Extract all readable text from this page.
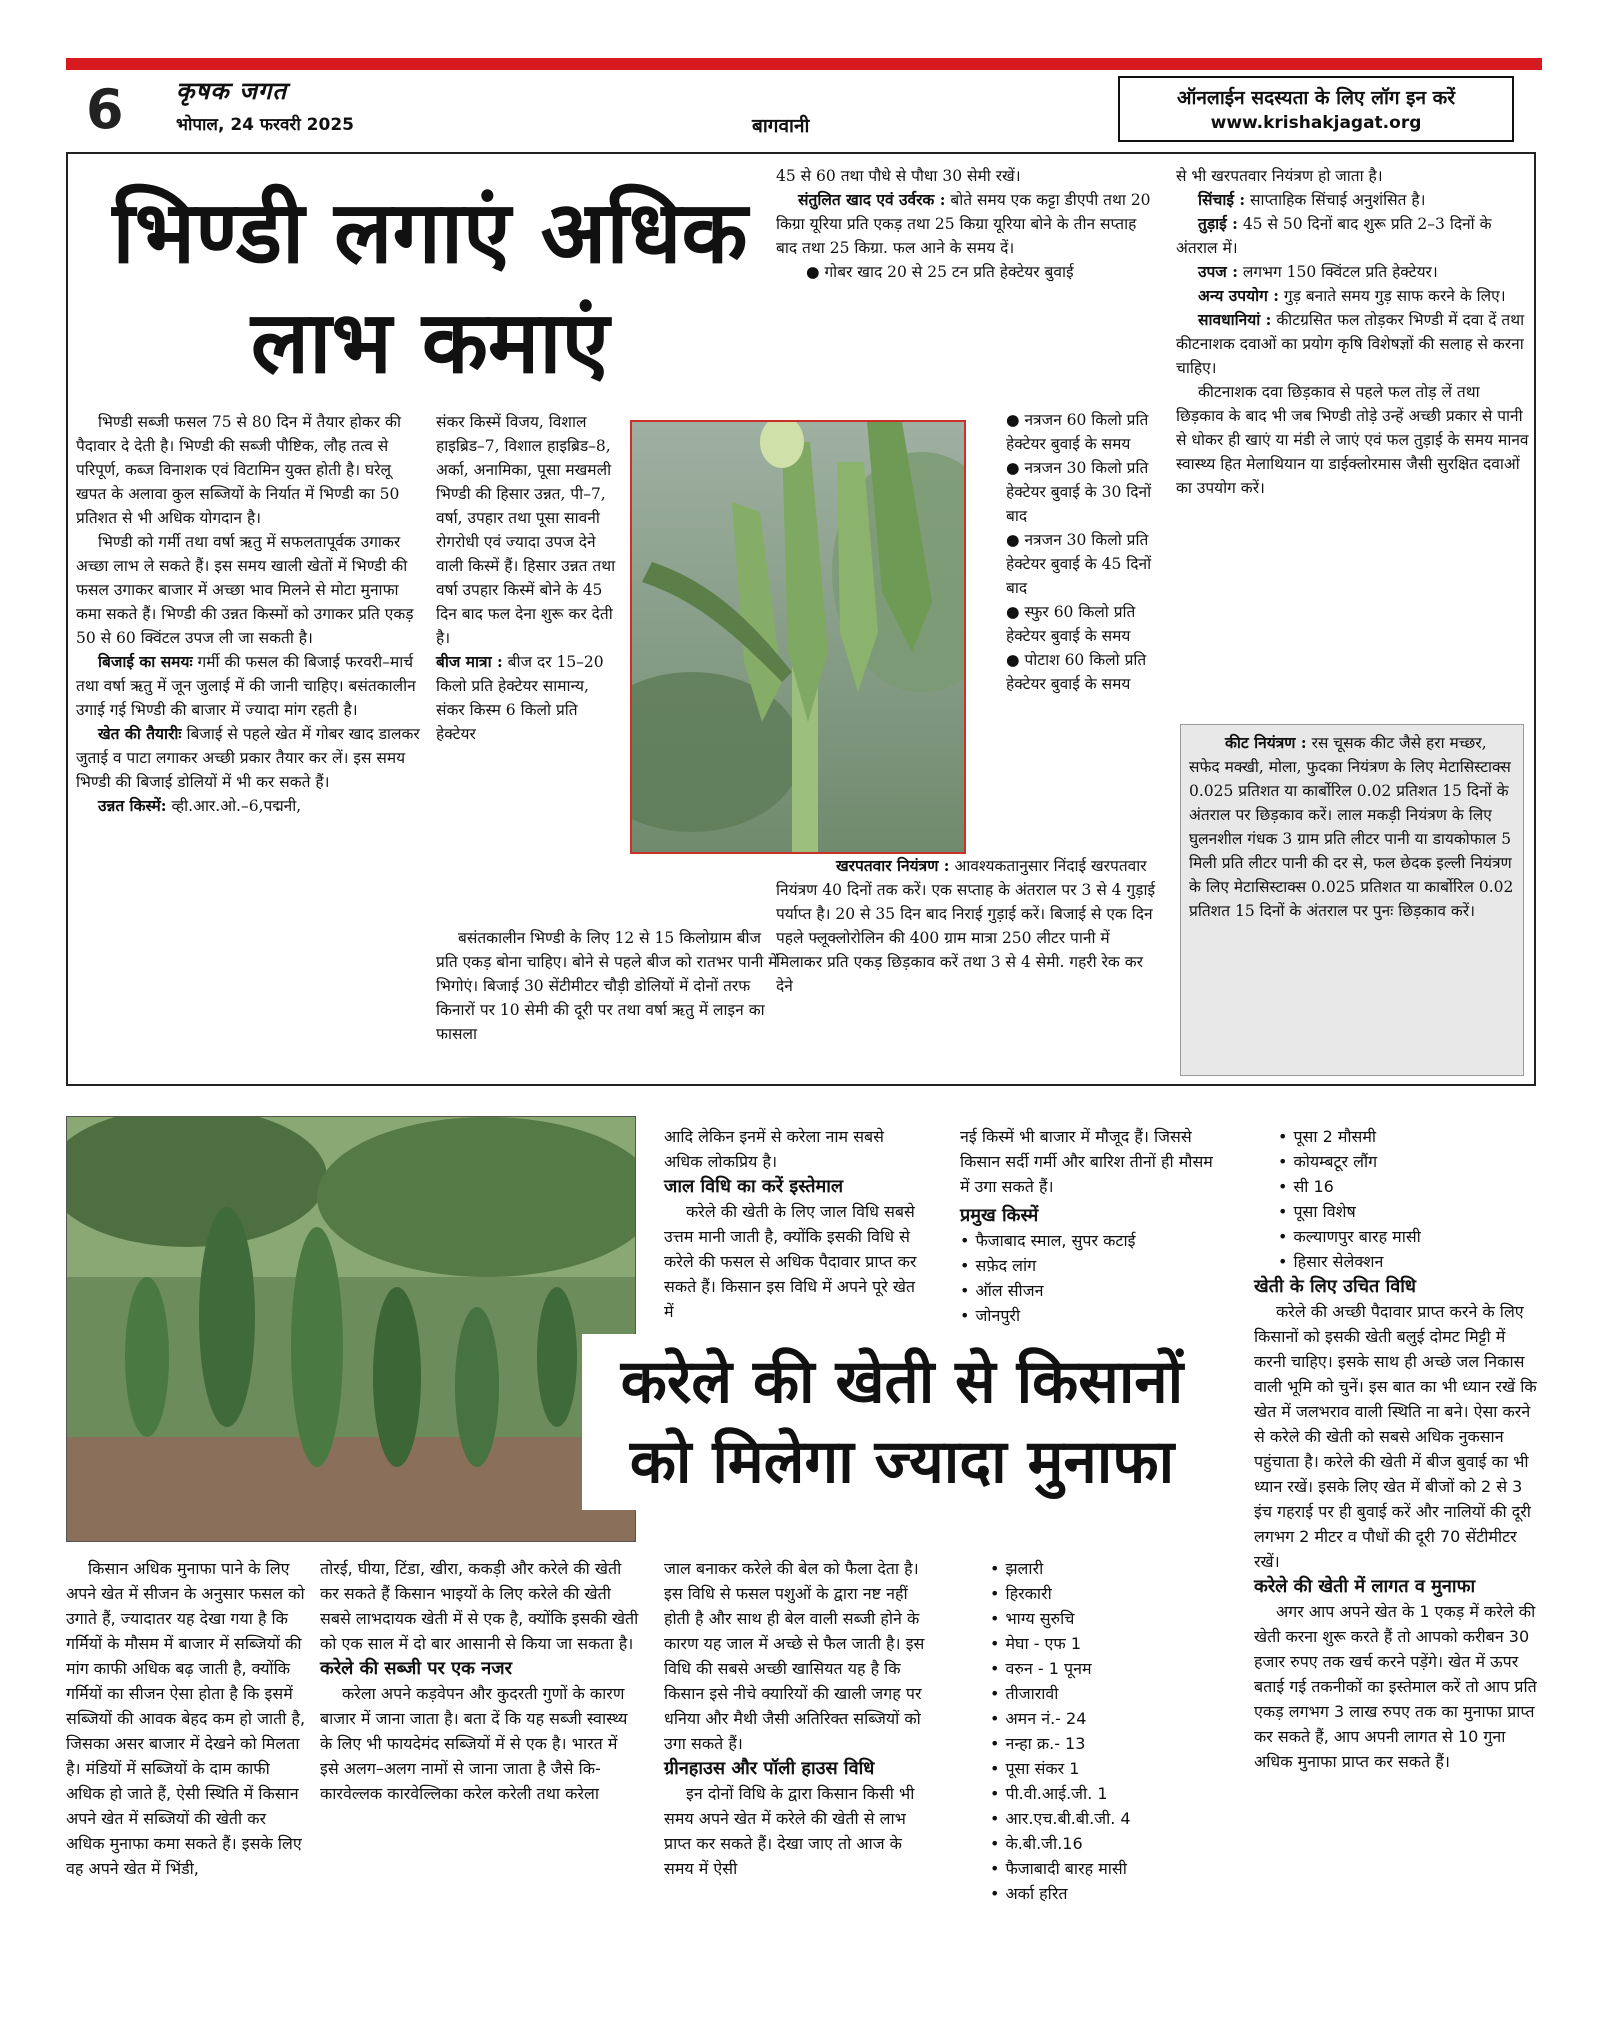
6 कृषक जगत
भोपाल, 24 फरवरी 2025	बागवानी
ऑनलाईन सदस्यता के लिए लॉग इन करें
www.krishakjagat.org
भिण्डी लगाएं अधिक
लाभ कमाएं

भिण्डी सब्जी फसल 75 से 80 दिन में तैयार होकर की पैदावार दे देती है। भिण्डी की सब्जी पौष्टिक, लौह तत्व से परिपूर्ण, कब्ज विनाशक एवं विटामिन युक्त होती है। घरेलू खपत के अलावा कुल सब्जियों के निर्यात में भिण्डी का 50 प्रतिशत से भी अधिक योगदान है।

भिण्डी को गर्मी तथा वर्षा ऋतु में सफलतापूर्वक उगाकर अच्छा लाभ ले सकते हैं। इस समय खाली खेतों में भिण्डी की फसल उगाकर बाजार में अच्छा भाव मिलने से मोटा मुनाफा कमा सकते हैं। भिण्डी की उन्नत किस्मों को उगाकर प्रति एकड़ 50 से 60 क्विंटल उपज ली जा सकती है।

बिजाई का समयः गर्मी की फसल की बिजाई फरवरी–मार्च तथा वर्षा ऋतु में जून जुलाई में की जानी चाहिए। बसंतकालीन उगाई गई भिण्डी की बाजार में ज्यादा मांग रहती है।

खेत की तैयारीः बिजाई से पहले खेत में गोबर खाद डालकर जुताई व पाटा लगाकर अच्छी प्रकार तैयार कर लें। इस समय भिण्डी की बिजाई डोलियों में भी कर सकते हैं।

उन्नत किस्में: व्ही.आर.ओ.–6,पद्मनी,

संकर किस्में विजय, विशाल हाइब्रिड–7, विशाल हाइब्रिड–8, अर्का, अनामिका, पूसा मखमली भिण्डी की हिसार उन्नत, पी–7, वर्षा, उपहार तथा पूसा सावनी रोगरोधी एवं ज्यादा उपज देने वाली किस्में हैं। हिसार उन्नत तथा वर्षा उपहार किस्में बोने के 45 दिन बाद फल देना शुरू कर देती है।

बीज मात्रा : बीज दर 15–20 किलो प्रति हेक्टेयर सामान्य, संकर किस्म 6 किलो प्रति हेक्टेयर

बसंतकालीन भिण्डी के लिए 12 से 15 किलोग्राम बीज प्रति एकड़ बोना चाहिए। बोने से पहले बीज को रातभर पानी में भिगोएं। बिजाई 30 सेंटीमीटर चौड़ी डोलियों में दोनों तरफ किनारों पर 10 सेमी की दूरी पर तथा वर्षा ऋतु में लाइन का फासला

45 से 60 तथा पौधे से पौधा 30 सेमी रखें।

संतुलित खाद एवं उर्वरक : बोते समय एक कट्टा डीएपी तथा 20 किग्रा यूरिया प्रति एकड़ तथा 25 किग्रा यूरिया बोने के तीन सप्ताह बाद तथा 25 किग्रा. फल आने के समय दें।

● गोबर खाद 20 से 25 टन प्रति हेक्टेयर बुवाई

● नत्रजन 60 किलो प्रति हेक्टेयर बुवाई के समय

● नत्रजन 30 किलो प्रति हेक्टेयर बुवाई के 30 दिनों बाद

● नत्रजन 30 किलो प्रति हेक्टेयर बुवाई के 45 दिनों बाद

● स्फुर 60 किलो प्रति हेक्टेयर बुवाई के समय

● पोटाश 60 किलो प्रति हेक्टेयर बुवाई के समय

खरपतवार नियंत्रण : आवश्यकतानुसार निंदाई खरपतवार नियंत्रण 40 दिनों तक करें। एक सप्ताह के अंतराल पर 3 से 4 गुड़ाई पर्याप्त है। 20 से 35 दिन बाद निराई गुड़ाई करें। बिजाई से एक दिन पहले फ्लूक्लोरोलिन की 400 ग्राम मात्रा 250 लीटर पानी में मिलाकर प्रति एकड़ छिड़काव करें तथा 3 से 4 सेमी. गहरी रेक कर देने

से भी खरपतवार नियंत्रण हो जाता है।

सिंचाई : साप्ताहिक सिंचाई अनुशंसित है।

तुड़ाई : 45 से 50 दिनों बाद शुरू प्रति 2–3 दिनों के अंतराल में।

उपज : लगभग 150 क्विंटल प्रति हेक्टेयर।

अन्य उपयोग : गुड़ बनाते समय गुड़ साफ करने के लिए।

सावधानियां : कीटग्रसित फल तोड़कर भिण्डी में दवा दें तथा कीटनाशक दवाओं का प्रयोग कृषि विशेषज्ञों की सलाह से करना चाहिए।

कीटनाशक दवा छिड़काव से पहले फल तोड़ लें तथा छिड़काव के बाद भी जब भिण्डी तोड़े उन्हें अच्छी प्रकार से पानी से धोकर ही खाएं या मंडी ले जाएं एवं फल तुड़ाई के समय मानव स्वास्थ्य हित मेलाथियान या डाईक्लोरमास जैसी सुरक्षित दवाओं का उपयोग करें।

कीट नियंत्रण : रस चूसक कीट जैसे हरा मच्छर, सफेद मक्खी, मोला, फुदका नियंत्रण के लिए मेटासिस्टाक्स 0.025 प्रतिशत या कार्बोरिल 0.02 प्रतिशत 15 दिनों के अंतराल पर छिड़काव करें। लाल मकड़ी नियंत्रण के लिए घुलनशील गंधक 3 ग्राम प्रति लीटर पानी या डायकोफाल 5 मिली प्रति लीटर पानी की दर से, फल छेदक इल्ली नियंत्रण के लिए मेटासिस्टाक्स 0.025 प्रतिशत या कार्बोरिल 0.02 प्रतिशत 15 दिनों के अंतराल पर पुनः छिड़काव करें।

करेले की खेती से किसानों
को मिलेगा ज्यादा मुनाफा

आदि लेकिन इनमें से करेला नाम सबसे अधिक लोकप्रिय है।

जाल विधि का करें इस्तेमाल

करेले की खेती के लिए जाल विधि सबसे उत्तम मानी जाती है, क्योंकि इसकी विधि से करेले की फसल से अधिक पैदावार प्राप्त कर सकते हैं। किसान इस विधि में अपने पूरे खेत में

नई किस्में भी बाजार में मौजूद हैं। जिससे किसान सर्दी गर्मी और बारिश तीनों ही मौसम में उगा सकते हैं।

प्रमुख किस्में

• फैजाबाद स्माल, सुपर कटाई
• सफ़ेद लांग
• ऑल सीजन
• जोनपुरी
• पूसा 2 मौसमी
• कोयम्बटूर लौंग
• सी 16
• पूसा विशेष
• कल्याणपुर बारह मासी
• हिसार सेलेक्शन

खेती के लिए उचित विधि

करेले की अच्छी पैदावार प्राप्त करने के लिए किसानों को इसकी खेती बलुई दोमट मिट्टी में करनी चाहिए। इसके साथ ही अच्छे जल निकास वाली भूमि को चुनें। इस बात का भी ध्यान रखें कि खेत में जलभराव वाली स्थिति ना बने। ऐसा करने से करेले की खेती को सबसे अधिक नुकसान पहुंचाता है। करेले की खेती में बीज बुवाई का भी ध्यान रखें। इसके लिए खेत में बीजों को 2 से 3 इंच गहराई पर ही बुवाई करें और नालियों की दूरी लगभग 2 मीटर व पौधों की दूरी 70 सेंटीमीटर रखें।

करेले की खेती में लागत व मुनाफा

अगर आप अपने खेत के 1 एकड़ में करेले की खेती करना शुरू करते हैं तो आपको करीबन 30 हजार रुपए तक खर्च करने पड़ेंगे। खेत में ऊपर बताई गई तकनीकों का इस्तेमाल करें तो आप प्रति एकड़ लगभग 3 लाख रुपए तक का मुनाफा प्राप्त कर सकते हैं, आप अपनी लागत से 10 गुना अधिक मुनाफा प्राप्त कर सकते हैं।

किसान अधिक मुनाफा पाने के लिए अपने खेत में सीजन के अनुसार फसल को उगाते हैं, ज्यादातर यह देखा गया है कि गर्मियों के मौसम में बाजार में सब्जियों की मांग काफी अधिक बढ़ जाती है, क्योंकि गर्मियों का सीजन ऐसा होता है कि इसमें सब्जियों की आवक बेहद कम हो जाती है, जिसका असर बाजार में देखने को मिलता है। मंडियों में सब्जियों के दाम काफी अधिक हो जाते हैं, ऐसी स्थिति में किसान अपने खेत में सब्जियों की खेती कर अधिक मुनाफा कमा सकते हैं। इसके लिए वह अपने खेत में भिंडी,

तोरई, घीया, टिंडा, खीरा, ककड़ी और करेले की खेती कर सकते हैं किसान भाइयों के लिए करेले की खेती सबसे लाभदायक खेती में से एक है, क्योंकि इसकी खेती को एक साल में दो बार आसानी से किया जा सकता है।

करेले की सब्जी पर एक नजर

करेला अपने कड़वेपन और कुदरती गुणों के कारण बाजार में जाना जाता है। बता दें कि यह सब्जी स्वास्थ्य के लिए भी फायदेमंद सब्जियों में से एक है। भारत में इसे अलग–अलग नामों से जाना जाता है जैसे कि- कारवेल्लक कारवेल्लिका करेल करेली तथा करेला

जाल बनाकर करेले की बेल को फैला देता है। इस विधि से फसल पशुओं के द्वारा नष्ट नहीं होती है और साथ ही बेल वाली सब्जी होने के कारण यह जाल में अच्छे से फैल जाती है। इस विधि की सबसे अच्छी खासियत यह है कि किसान इसे नीचे क्यारियों की खाली जगह पर धनिया और मैथी जैसी अतिरिक्त सब्जियों को उगा सकते हैं।

ग्रीनहाउस और पॉली हाउस विधि

इन दोनों विधि के द्वारा किसान किसी भी समय अपने खेत में करेले की खेती से लाभ प्राप्त कर सकते हैं। देखा जाए तो आज के समय में ऐसी

• झलारी
• हिरकारी
• भाग्य सुरुचि
• मेघा - एफ 1
• वरुन - 1 पूनम
• तीजारावी
• अमन नं.- 24
• नन्हा क्र.- 13
• पूसा संकर 1
• पी.वी.आई.जी. 1
• आर.एच.बी.बी.जी. 4
• के.बी.जी.16
• फैजाबादी बारह मासी
• अर्का हरित
